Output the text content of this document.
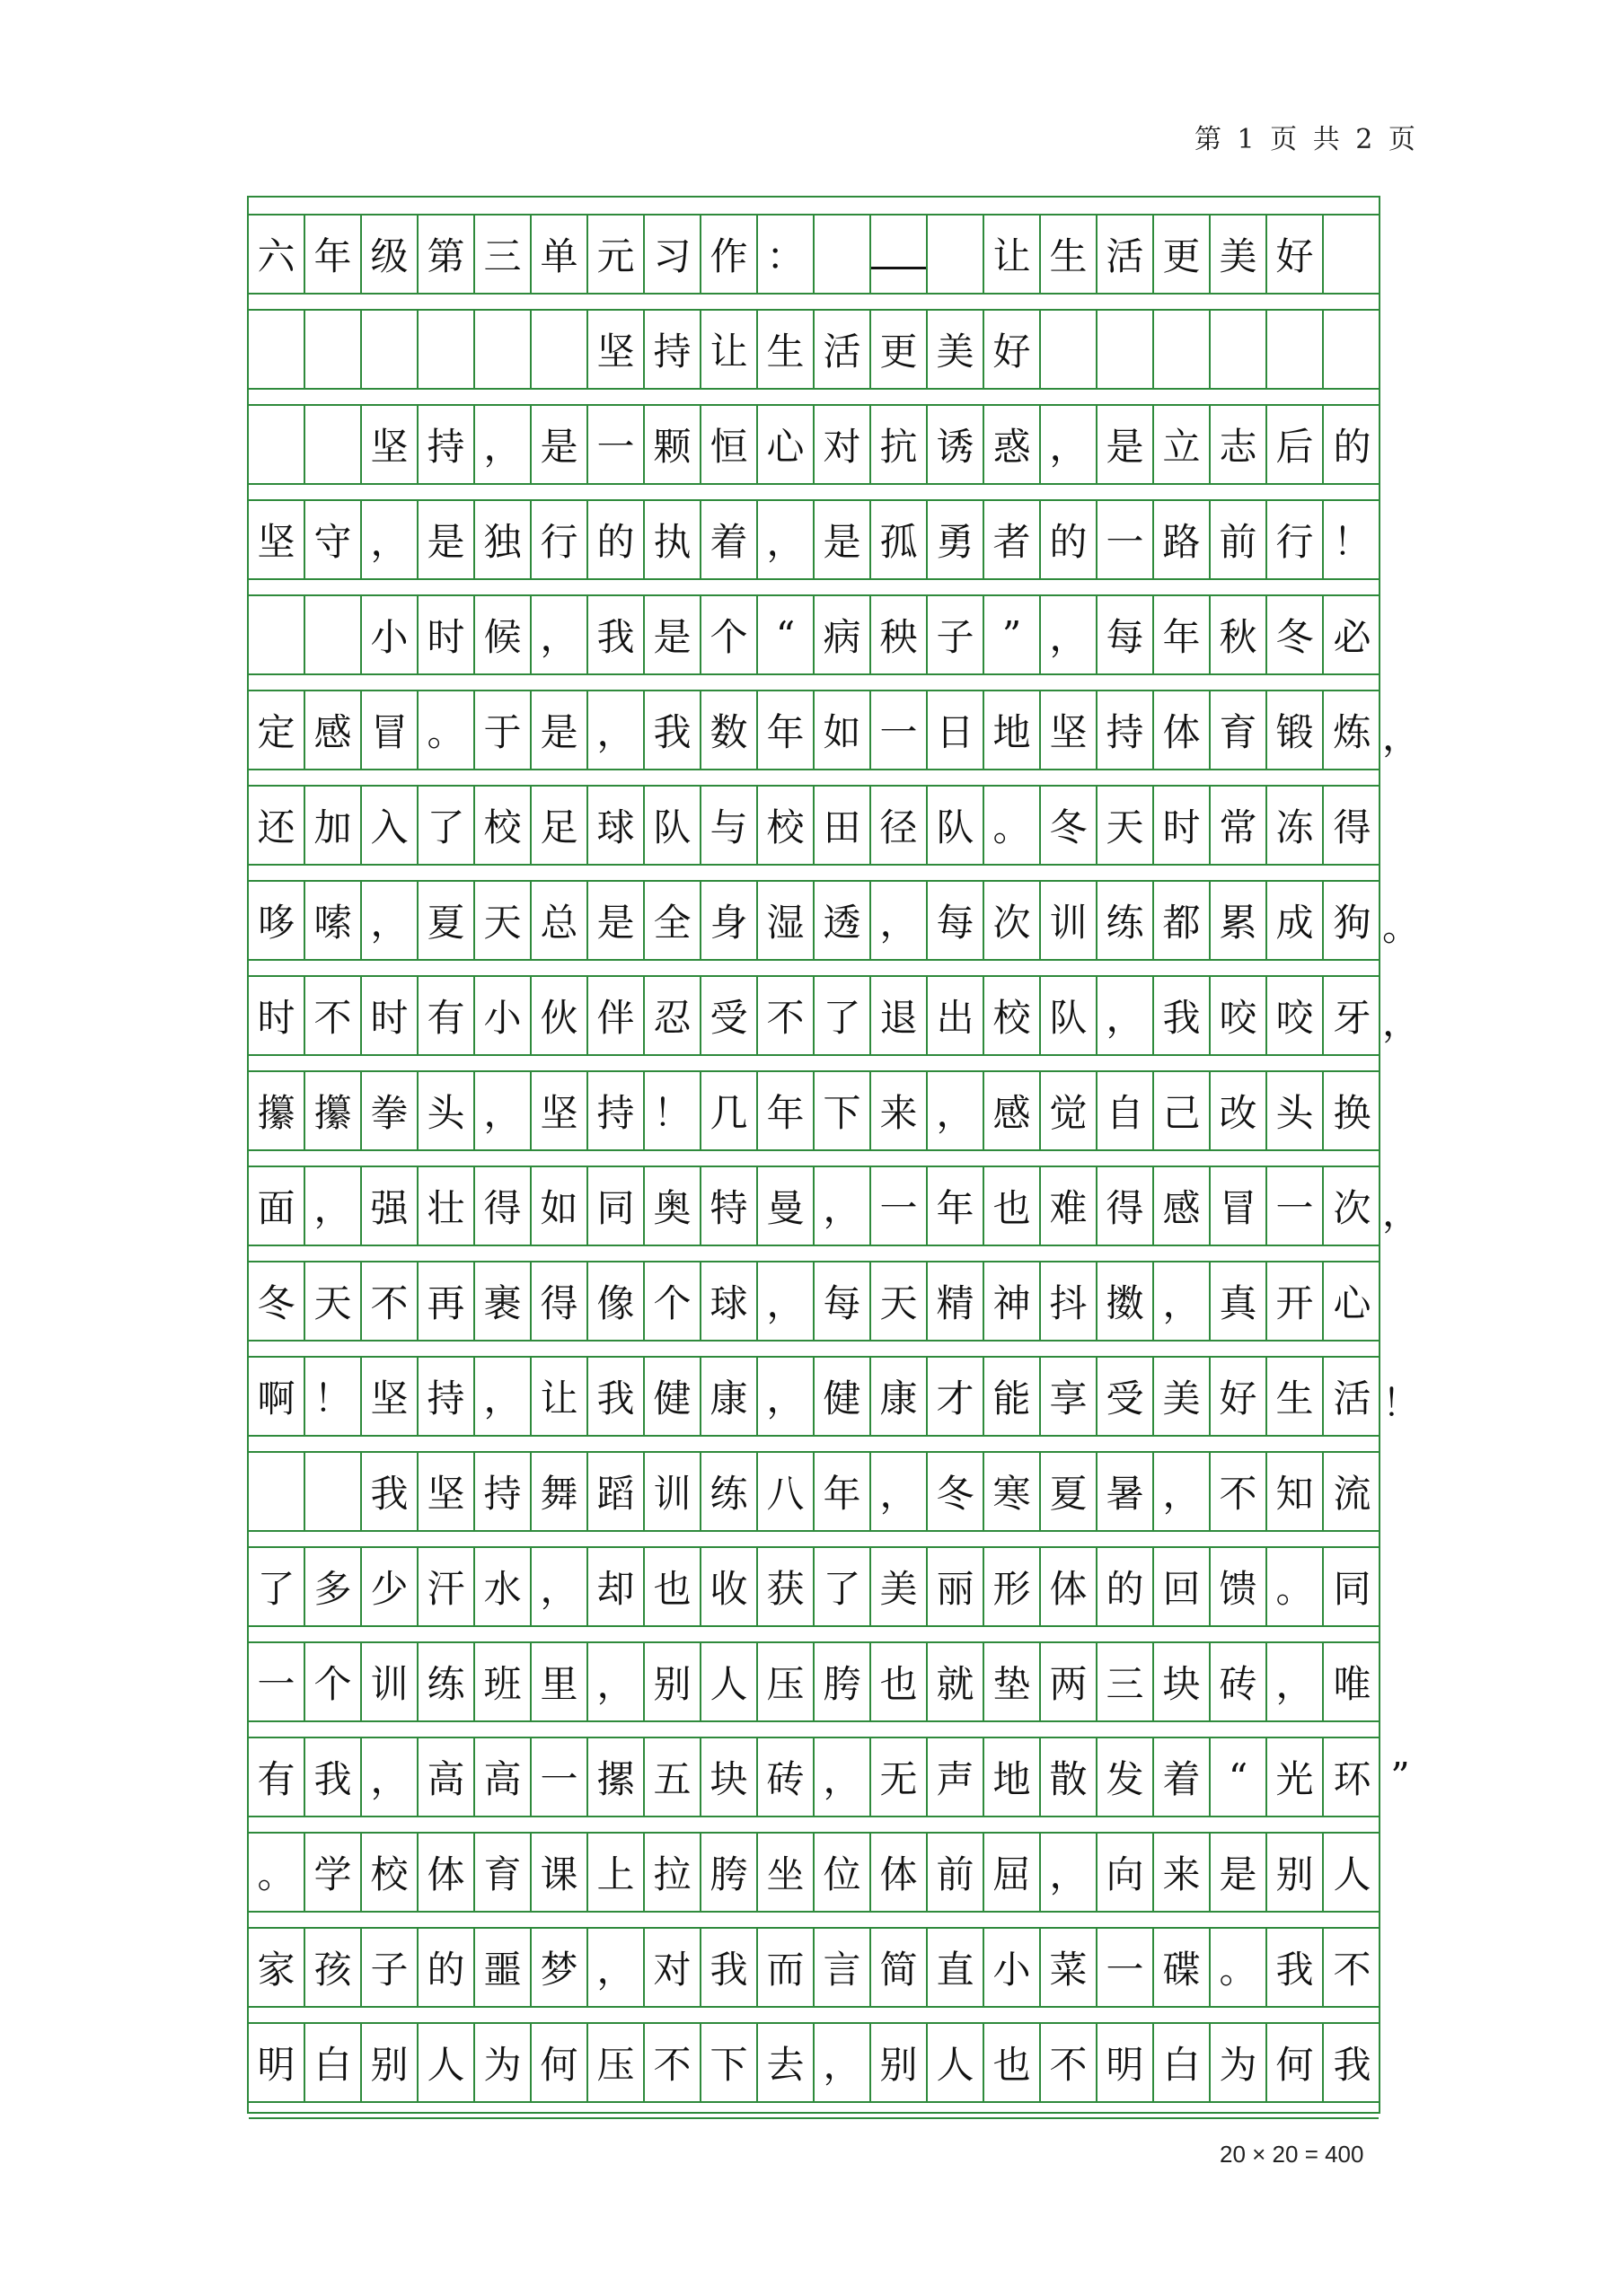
第 1 页 共 2 页
六 年 级 第 三 单 元 习 作 ：	让 生 活 更 美 好
坚 持 让 生 活 更 美 好
坚 持 ， 是 一 颗 恒 心 对 抗 诱 惑 ， 是 立 志 后 的
坚 守 ， 是 独 行 的 执 着 ， 是 孤 勇 者 的 一 路 前 行 ！
小 时 候 ， 我 是 个 “ 病 秧 子 ” ， 每 年 秋 冬 必
定 感 冒 。 于 是 ， 我 数 年 如 一 日 地 坚 持 体 育 锻 炼 ，
还 加 入 了 校 足 球 队 与 校 田 径 队 。 冬 天 时 常 冻 得
哆 嗦 ， 夏 天 总 是 全 身 湿 透 ， 每 次 训 练 都 累 成 狗 。
时 不 时 有 小 伙 伴 忍 受 不 了 退 出 校 队 ， 我 咬 咬 牙 ，
攥 攥 拳 头 ， 坚 持 ！ 几 年 下 来 ， 感 觉 自 己 改 头 换
面 ， 强 壮 得 如 同 奥 特 曼 ， 一 年 也 难 得 感 冒 一 次 ，
冬 天 不 再 裹 得 像 个 球 ， 每 天 精 神 抖 擞 ， 真 开 心
啊 ！ 坚 持 ， 让 我 健 康 ， 健 康 才 能 享 受 美 好 生 活 ！
我 坚 持 舞 蹈 训 练 八 年 ， 冬 寒 夏 暑 ， 不 知 流
了 多 少 汗 水 ， 却 也 收 获 了 美 丽 形 体 的 回 馈 。 同
一 个 训 练 班 里 ， 别 人 压 胯 也 就 垫 两 三 块 砖 ， 唯
有 我 ， 高 高 一 摞 五 块 砖 ， 无 声 地 散 发 着 “ 光 环 ”
。 学 校 体 育 课 上 拉 胯 坐 位 体 前 屈 ， 向 来 是 别 人
家 孩 子 的 噩 梦 ， 对 我 而 言 简 直 小 菜 一 碟 。 我 不
明 白 别 人 为 何 压 不 下 去 ， 别 人 也 不 明 白 为 何 我
20 × 20 = 400
